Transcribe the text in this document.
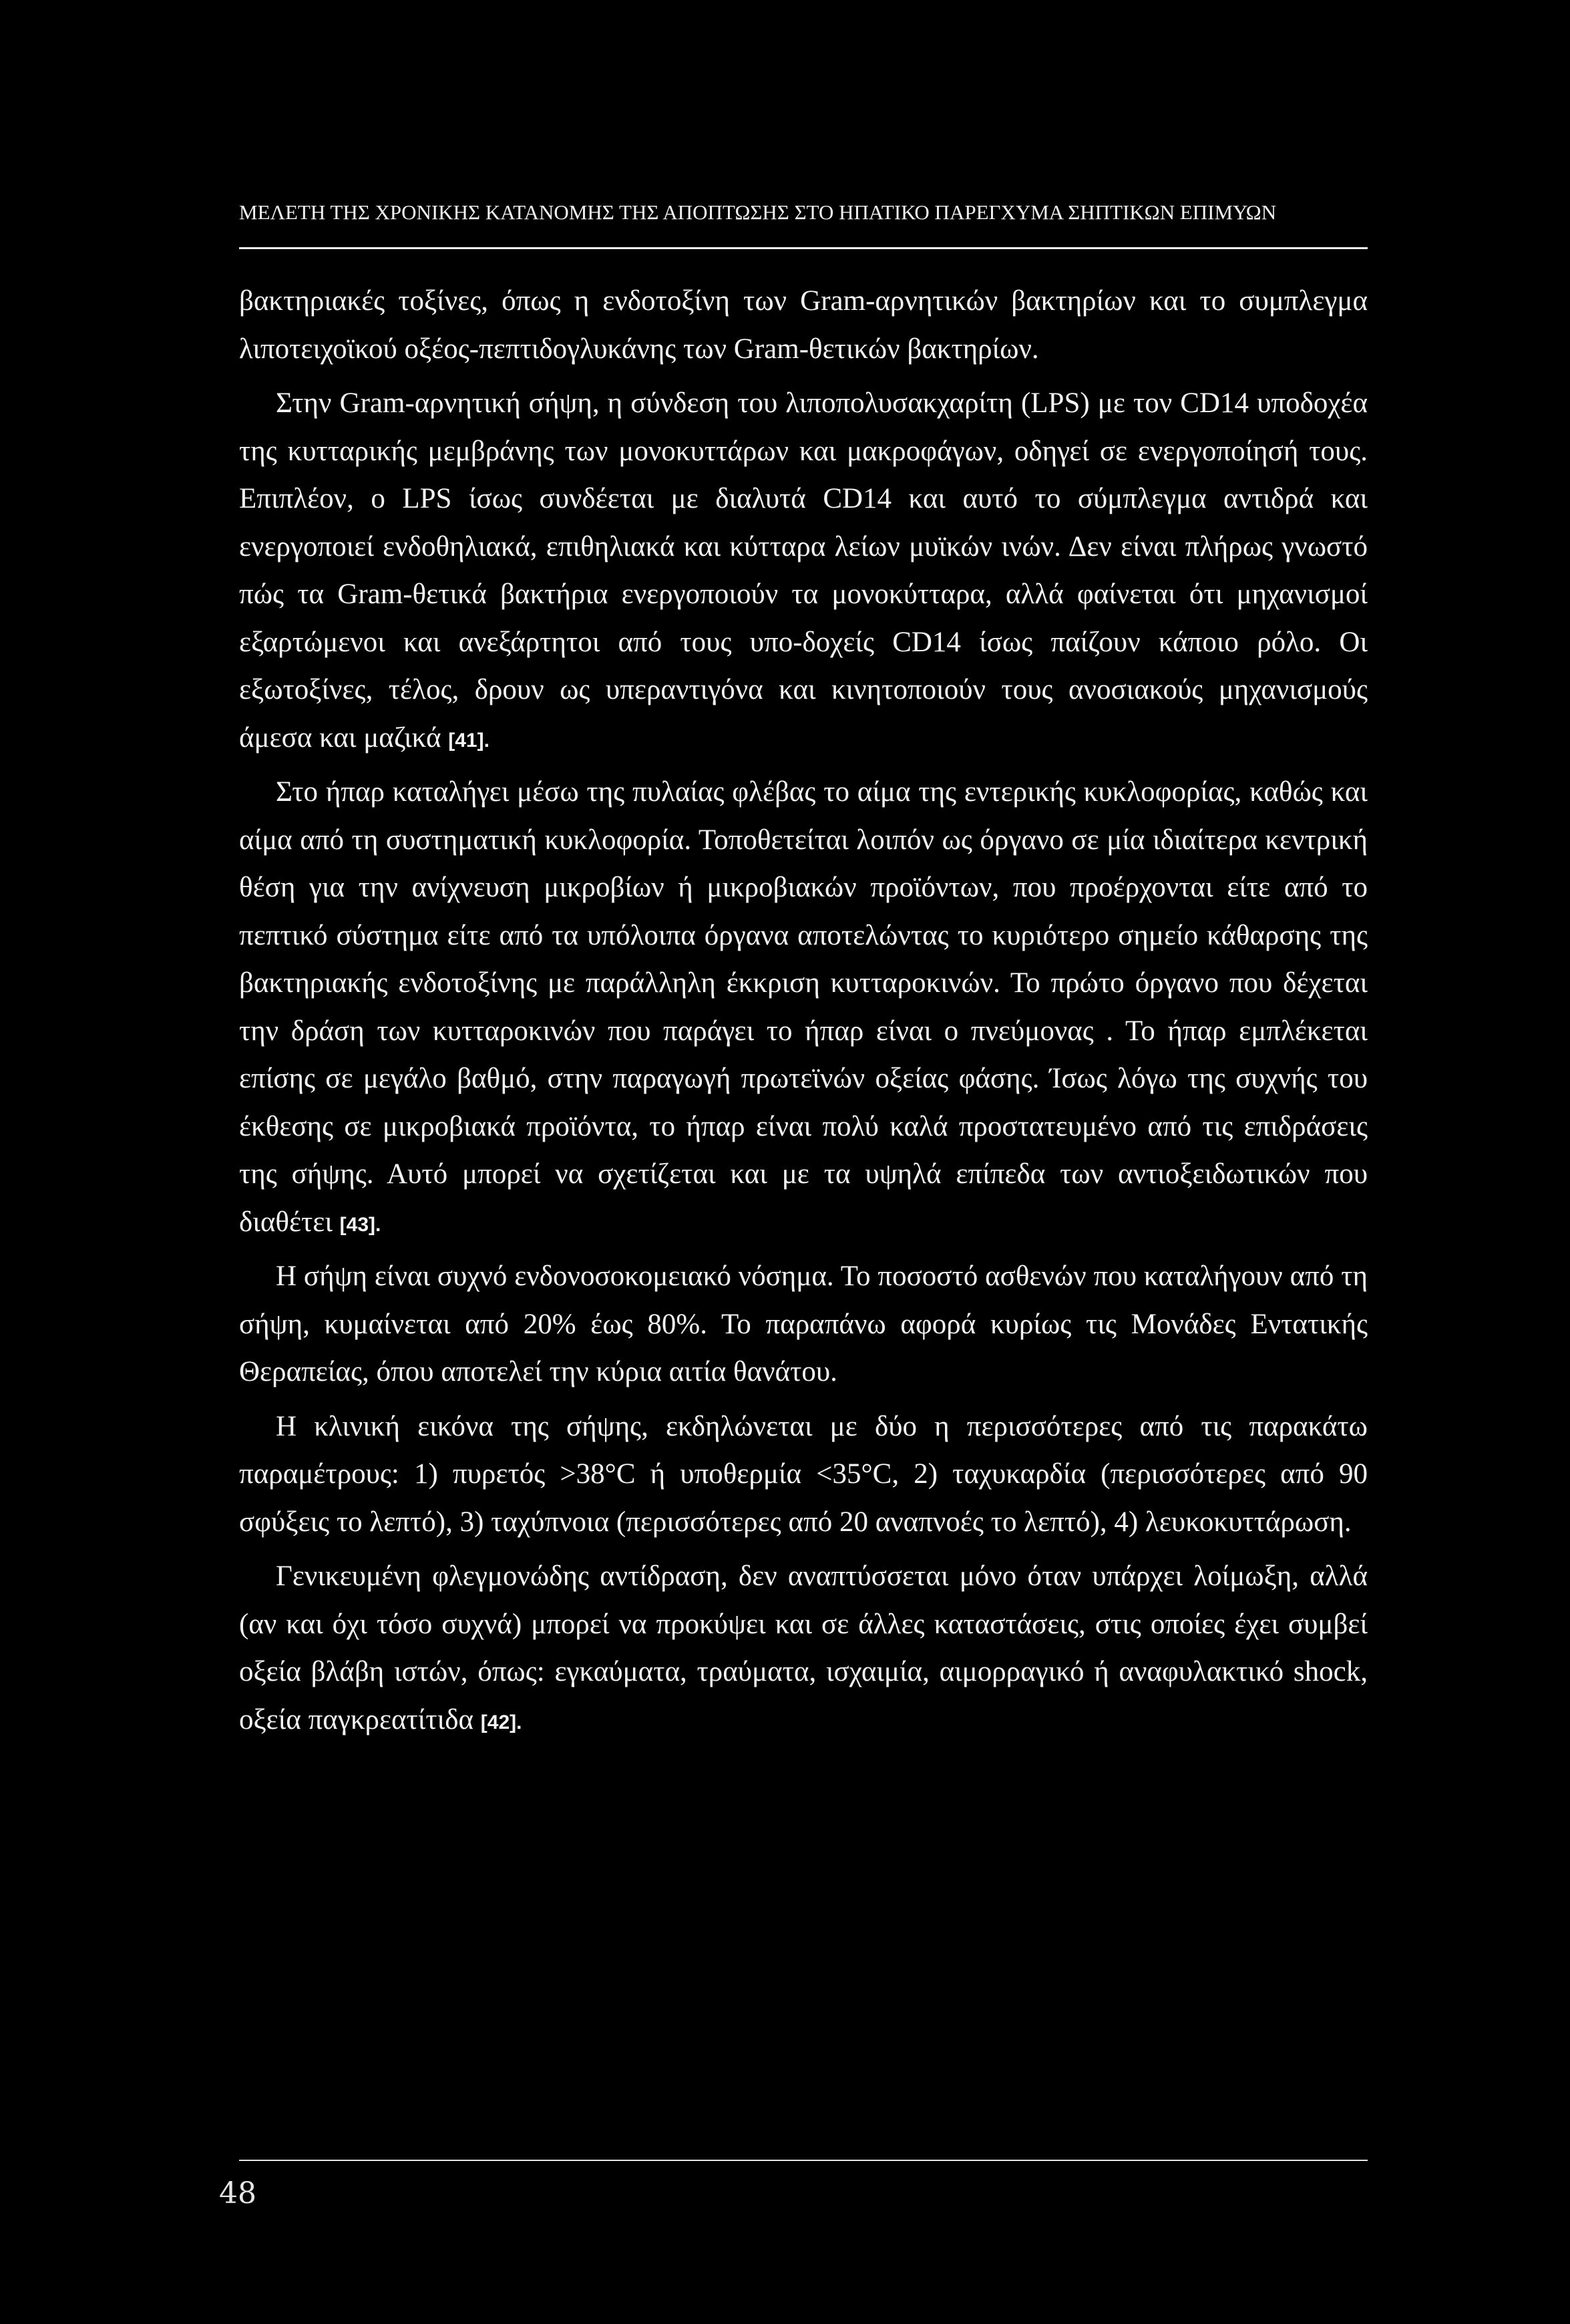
ΜΕΛΕΤΗ ΤΗΣ ΧΡΟΝΙΚΗΣ ΚΑΤΑΝΟΜΗΣ ΤΗΣ ΑΠΟΠΤΩΣΗΣ ΣΤΟ ΗΠΑΤΙΚΟ ΠΑΡΕΓΧΥΜΑ ΣΗΠΤΙΚΩΝ ΕΠΙΜΥΩΝ

βακτηριακές τοξίνες, όπως η ενδοτοξίνη των Gram-αρνητικών βακτηρίων και το συμπλεγμα λιποτειχοϊκού οξέος-πεπτιδογλυκάνης των Gram-θετικών βακτηρίων.

Στην Gram-αρνητική σήψη, η σύνδεση του λιποπολυσακχαρίτη (LPS) με τον CD14 υποδοχέα της κυτταρικής μεμβράνης των μονοκυττάρων και μακροφάγων, οδηγεί σε ενεργοποίησή τους. Επιπλέον, ο LPS ίσως συνδέεται με διαλυτά CD14 και αυτό το σύμπλεγμα αντιδρά και ενεργοποιεί ενδοθηλιακά, επιθηλιακά και κύτταρα λείων μυϊκών ινών. Δεν είναι πλήρως γνωστό πώς τα Gram-θετικά βακτήρια ενεργοποιούν τα μονοκύτταρα, αλλά φαίνεται ότι μηχανισμοί εξαρτώμενοι και ανεξάρτητοι από τους υπο-δοχείς CD14 ίσως παίζουν κάποιο ρόλο. Οι εξωτοξίνες, τέλος, δρουν ως υπεραντιγόνα και κινητοποιούν τους ανοσιακούς μηχανισμούς άμεσα και μαζικά [41].

Στο ήπαρ καταλήγει μέσω της πυλαίας φλέβας το αίμα της εντερικής κυκλοφορίας, καθώς και αίμα από τη συστηματική κυκλοφορία. Τοποθετείται λοιπόν ως όργανο σε μία ιδιαίτερα κεντρική θέση για την ανίχνευση μικροβίων ή μικροβιακών προϊόντων, που προέρχονται είτε από το πεπτικό σύστημα είτε από τα υπόλοιπα όργανα αποτελώντας το κυριότερο σημείο κάθαρσης της βακτηριακής ενδοτοξίνης με παράλληλη έκκριση κυτταροκινών. Το πρώτο όργανο που δέχεται την δράση των κυτταροκινών που παράγει το ήπαρ είναι ο πνεύμονας . Το ήπαρ εμπλέκεται επίσης σε μεγάλο βαθμό, στην παραγωγή πρωτεϊνών οξείας φάσης. Ίσως λόγω της συχνής του έκθεσης σε μικροβιακά προϊόντα, το ήπαρ είναι πολύ καλά προστατευμένο από τις επιδράσεις της σήψης. Αυτό μπορεί να σχετίζεται και με τα υψηλά επίπεδα των αντιοξειδωτικών που διαθέτει [43].

Η σήψη είναι συχνό ενδονοσοκομειακό νόσημα. Το ποσοστό ασθενών που καταλήγουν από τη σήψη, κυμαίνεται από 20% έως 80%. Το παραπάνω αφορά κυρίως τις Μονάδες Εντατικής Θεραπείας, όπου αποτελεί την κύρια αιτία θανάτου.

Η κλινική εικόνα της σήψης, εκδηλώνεται με δύο η περισσότερες από τις παρακάτω παραμέτρους: 1) πυρετός >38°C ή υποθερμία <35°C, 2) ταχυκαρδία (περισσότερες από 90 σφύξεις το λεπτό), 3) ταχύπνοια (περισσότερες από 20 αναπνοές το λεπτό), 4) λευκοκυττάρωση.

Γενικευμένη φλεγμονώδης αντίδραση, δεν αναπτύσσεται μόνο όταν υπάρχει λοίμωξη, αλλά (αν και όχι τόσο συχνά) μπορεί να προκύψει και σε άλλες καταστάσεις, στις οποίες έχει συμβεί οξεία βλάβη ιστών, όπως: εγκαύματα, τραύματα, ισχαιμία, αιμορραγικό ή αναφυλακτικό shock, οξεία παγκρεατίτιδα [42].

48
